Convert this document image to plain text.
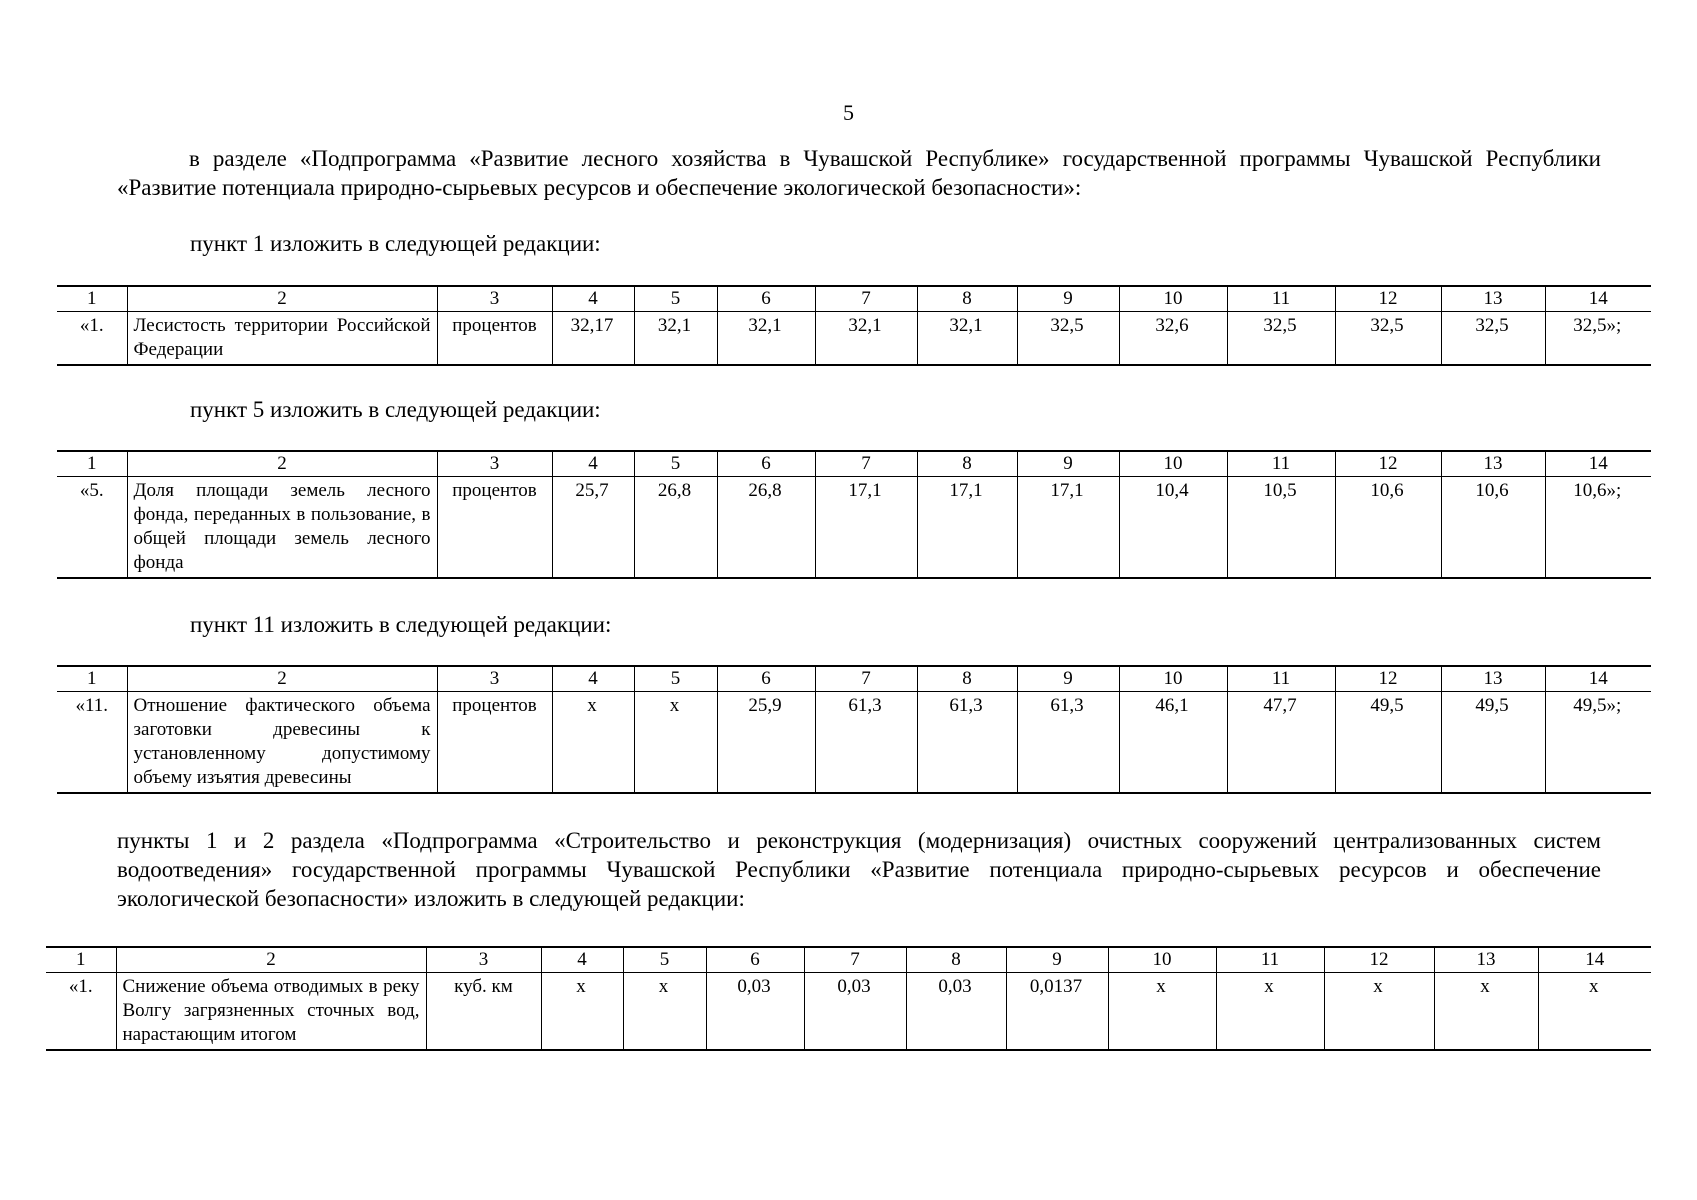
5

в разделе «Подпрограмма «Развитие лесного хозяйства в Чувашской Республике» государственной программы Чувашской Республики «Развитие потенциала природно-сырьевых ресурсов и обеспечение экологической безопасности»:

пункт 1 изложить в следующей редакции:

1	2	3	4	5	6	7	8	9	10	11	12	13	14
«1.	Лесистость территории Российской Федерации	процентов	32,17	32,1	32,1	32,1	32,1	32,5	32,6	32,5	32,5	32,5	32,5»;

пункт 5 изложить в следующей редакции:

1	2	3	4	5	6	7	8	9	10	11	12	13	14
«5.	Доля площади земель лесного фонда, переданных в пользование, в общей площади земель лесного фонда	процентов	25,7	26,8	26,8	17,1	17,1	17,1	10,4	10,5	10,6	10,6	10,6»;

пункт 11 изложить в следующей редакции:

1	2	3	4	5	6	7	8	9	10	11	12	13	14
«11.	Отношение фактического объема заготовки древесины к установленному допустимому объему изъятия древесины	процентов	х	х	25,9	61,3	61,3	61,3	46,1	47,7	49,5	49,5	49,5»;

пункты 1 и 2 раздела «Подпрограмма «Строительство и реконструкция (модернизация) очистных сооружений централизованных систем водоотведения» государственной программы Чувашской Республики «Развитие потенциала природно-сырьевых ресурсов и обеспечение экологической безопасности» изложить в следующей редакции:

1	2	3	4	5	6	7	8	9	10	11	12	13	14
«1.	Снижение объема отводимых в реку Волгу загрязненных сточных вод, нарастающим итогом	куб. км	х	х	0,03	0,03	0,03	0,0137	х	х	х	х	х
